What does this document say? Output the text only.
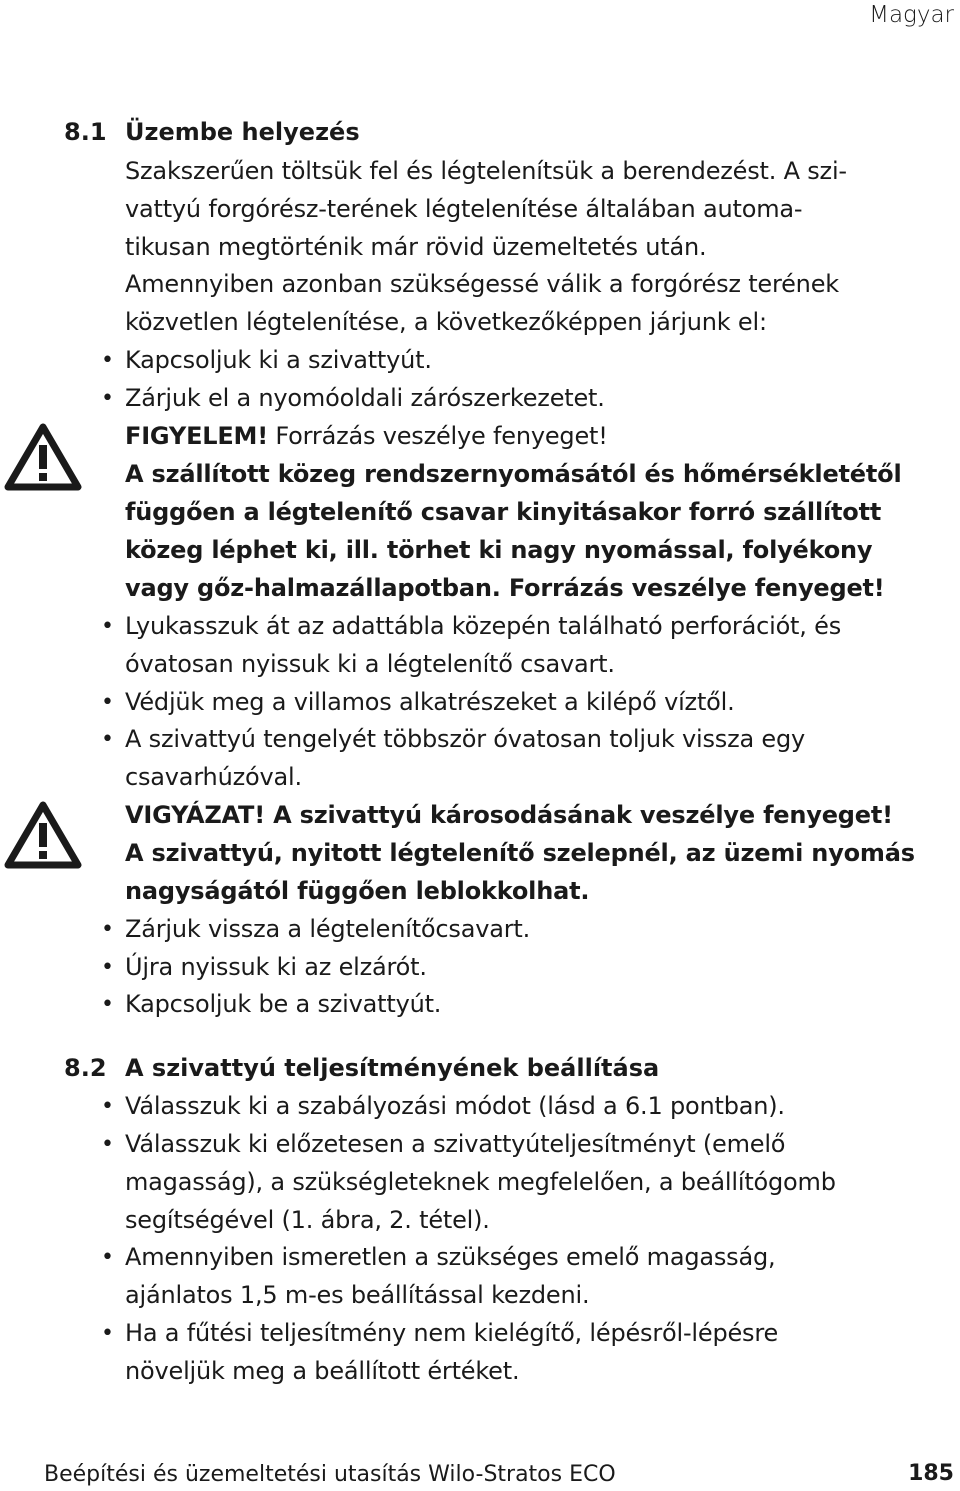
Magyar
8.1 Üzembe helyezés
Szakszerűen töltsük fel és légtelenítsük a berendezést. A szi-
vattyú forgórész-terének légtelenítése általában automa-
tikusan megtörténik már rövid üzemeltetés után.
Amennyiben azonban szükségessé válik a forgórész terének
közvetlen légtelenítése, a következőképpen járjunk el:
• Kapcsoljuk ki a szivattyút.
• Zárjuk el a nyomóoldali zárószerkezetet.
FIGYELEM! Forrázás veszélye fenyeget!
A szállított közeg rendszernyomásától és hőmérsékletétől
függően a légtelenítő csavar kinyitásakor forró szállított
közeg léphet ki, ill. törhet ki nagy nyomással, folyékony
vagy gőz-halmazállapotban. Forrázás veszélye fenyeget!
• Lyukasszuk át az adattábla közepén található perforációt, és
óvatosan nyissuk ki a légtelenítő csavart.
• Védjük meg a villamos alkatrészeket a kilépő víztől.
• A szivattyú tengelyét többször óvatosan toljuk vissza egy
csavarhúzóval.
VIGYÁZAT! A szivattyú károsodásának veszélye fenyeget!
A szivattyú, nyitott légtelenítő szelepnél, az üzemi nyomás
nagyságától függően leblokkolhat.
• Zárjuk vissza a légtelenítőcsavart.
• Újra nyissuk ki az elzárót.
• Kapcsoljuk be a szivattyút.
8.2 A szivattyú teljesítményének beállítása
• Válasszuk ki a szabályozási módot (lásd a 6.1 pontban).
• Válasszuk ki előzetesen a szivattyúteljesítményt (emelő
magasság), a szükségleteknek megfelelően, a beállítógomb
segítségével (1. ábra, 2. tétel).
• Amennyiben ismeretlen a szükséges emelő magasság,
ajánlatos 1,5 m-es beállítással kezdeni.
• Ha a fűtési teljesítmény nem kielégítő, lépésről-lépésre
növeljük meg a beállított értéket.
Beépítési és üzemeltetési utasítás Wilo-Stratos ECO	185
